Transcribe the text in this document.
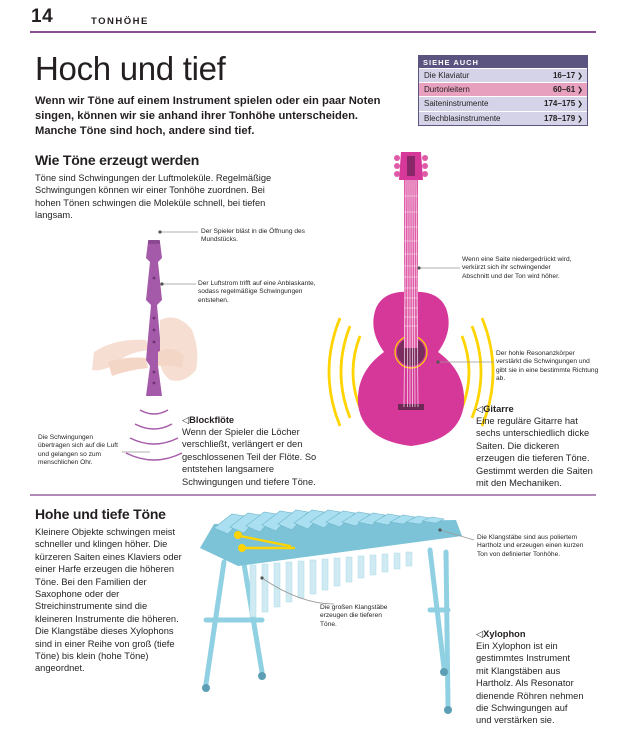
14	TONHÖHE
Hoch und tief
Wenn wir Töne auf einem Instrument spielen oder ein paar Noten singen, können wir sie anhand ihrer Tonhöhe unterscheiden. Manche Töne sind hoch, andere sind tief.
SIEHE AUCH
Die Klaviatur	16–17 ❯
Durtonleitern	60–61 ❯
Saiteninstrumente	174–175 ❯
Blechblasinstrumente	178–179 ❯
Wie Töne erzeugt werden
Töne sind Schwingungen der Luftmoleküle. Regelmäßige Schwingungen können wir einer Tonhöhe zuordnen. Bei hohen Tönen schwingen die Moleküle schnell, bei tiefen langsam.
Der Spieler bläst in die Öffnung des Mundstücks.
Der Luftstrom trifft auf eine Anblaskante, sodass regelmäßige Schwingungen entstehen.
Die Schwingungen übertragen sich auf die Luft und gelangen so zum menschlichen Ohr.
◁ Blockflöte
Wenn der Spieler die Löcher verschließt, verlängert er den geschlossenen Teil der Flöte. So entstehen langsamere Schwingungen und tiefere Töne.
Wenn eine Saite niedergedrückt wird, verkürzt sich ihr schwingender Abschnitt und der Ton wird höher.
Der hohle Resonanzkörper verstärkt die Schwingungen und gibt sie in eine bestimmte Richtung ab.
◁ Gitarre
Eine reguläre Gitarre hat sechs unterschiedlich dicke Saiten. Die dickeren erzeugen die tieferen Töne. Gestimmt werden die Saiten mit den Mechaniken.
Hohe und tiefe Töne
Kleinere Objekte schwingen meist schneller und klingen höher. Die kürzeren Saiten eines Klaviers oder einer Harfe erzeugen die höheren Töne. Bei den Familien der Saxophone oder der Streichinstrumente sind die kleineren Instrumente die höheren. Die Klangstäbe dieses Xylophons sind in einer Reihe von groß (tiefe Töne) bis klein (hohe Töne) angeordnet.
Die Klangstäbe sind aus poliertem Hartholz und erzeugen einen kurzen Ton von definierter Tonhöhe.
Die großen Klangstäbe erzeugen die tieferen Töne.
◁ Xylophon
Ein Xylophon ist ein gestimmtes Instrument mit Klangstäben aus Hartholz. Als Resonator dienende Röhren nehmen die Schwingungen auf und verstärken sie.
